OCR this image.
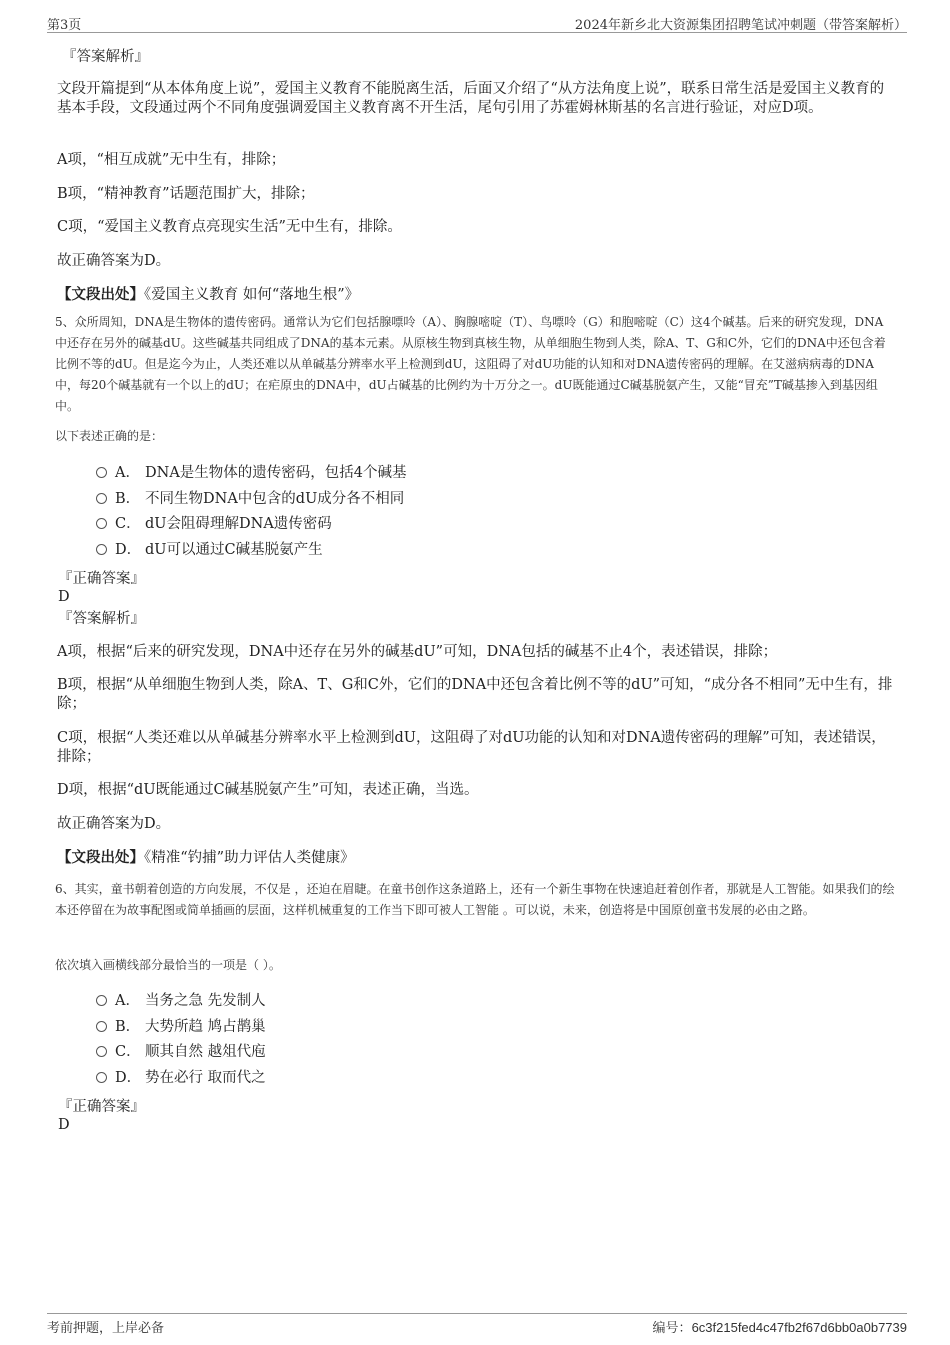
第3页	2024年新乡北大资源集团招聘笔试冲刺题（带答案解析）
『答案解析』
文段开篇提到“从本体角度上说”，爱国主义教育不能脱离生活，后面又介绍了“从方法角度上说”，联系日常生活是爱国主义教育的基本手段，文段通过两个不同角度强调爱国主义教育离不开生活，尾句引用了苏霍姆林斯基的名言进行验证，对应D项。
A项，“相互成就”无中生有，排除；
B项，“精神教育”话题范围扩大，排除；
C项，“爱国主义教育点亮现实生活”无中生有，排除。
故正确答案为D。
【文段出处】《爱国主义教育 如何“落地生根”》
5、众所周知，DNA是生物体的遗传密码。通常认为它们包括腺嘌呤（A）、胸腺嘧啶（T）、鸟嘌呤（G）和胞嘧啶（C）这4个碱基。后来的研究发现，DNA中还存在另外的碱基dU。这些碱基共同组成了DNA的基本元素。从原核生物到真核生物，从单细胞生物到人类，除A、T、G和C外，它们的DNA中还包含着比例不等的dU。但是迄今为止，人类还难以从单碱基分辨率水平上检测到dU，这阻碍了对dU功能的认知和对DNA遗传密码的理解。在艾滋病病毒的DNA中，每20个碱基就有一个以上的dU；在疟原虫的DNA中，dU占碱基的比例约为十万分之一。dU既能通过C碱基脱氨产生，又能“冒充”T碱基掺入到基因组中。
以下表述正确的是：
A． DNA是生物体的遗传密码，包括4个碱基
B． 不同生物DNA中包含的dU成分各不相同
C． dU会阻碍理解DNA遗传密码
D． dU可以通过C碱基脱氨产生
『正确答案』
D
『答案解析』
A项，根据“后来的研究发现，DNA中还存在另外的碱基dU”可知，DNA包括的碱基不止4个，表述错误，排除；
B项，根据“从单细胞生物到人类，除A、T、G和C外，它们的DNA中还包含着比例不等的dU”可知，“成分各不相同”无中生有，排除；
C项，根据“人类还难以从单碱基分辨率水平上检测到dU，这阻碍了对dU功能的认知和对DNA遗传密码的理解”可知，表述错误，排除；
D项，根据“dU既能通过C碱基脱氨产生”可知，表述正确，当选。
故正确答案为D。
【文段出处】《精准“钓捕”助力评估人类健康》
6、其实，童书朝着创造的方向发展，不仅是 ，还迫在眉睫。在童书创作这条道路上，还有一个新生事物在快速追赶着创作者，那就是人工智能。如果我们的绘本还停留在为故事配图或简单插画的层面，这样机械重复的工作当下即可被人工智能 。可以说，未来，创造将是中国原创童书发展的必由之路。
依次填入画横线部分最恰当的一项是（ ）。
A． 当务之急 先发制人
B． 大势所趋 鸠占鹊巢
C． 顺其自然 越俎代庖
D． 势在必行 取而代之
『正确答案』
D
考前押题，上岸必备	编号：6c3f215fed4c47fb2f67d6bb0a0b7739
